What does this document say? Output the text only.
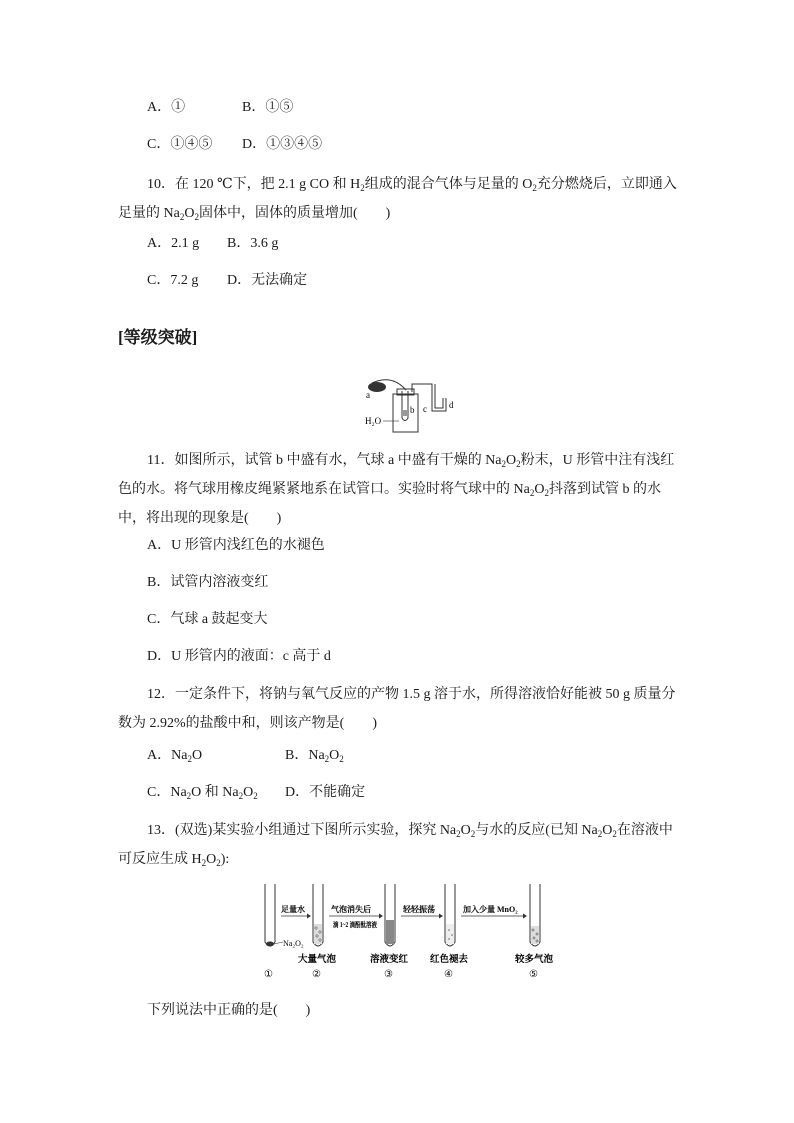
A．①	B．①⑤
C．①④⑤ D．①③④⑤
10．在 120 ℃下，把 2.1 g CO 和 $H_2$组成的混合气体与足量的 $O_2$充分燃烧后，立即通入足量的 $Na_2O_2$固体中，固体的质量增加(　　)
A．2.1 g B．3.6 g
C．7.2 g D．无法确定
[等级突破]
a
b c d
H₂O
11．如图所示，试管 b 中盛有水，气球 a 中盛有干燥的 $Na_2O_2$粉末，U 形管中注有浅红色的水。将气球用橡皮绳紧紧地系在试管口。实验时将气球中的 $Na_2O_2$抖落到试管 b 的水中，将出现的现象是(　　)
A．U 形管内浅红色的水褪色
B．试管内溶液变红
C．气球 a 鼓起变大
D．U 形管内的液面：c 高于 d
12．一定条件下，将钠与氧气反应的产物 1.5 g 溶于水，所得溶液恰好能被 50 g 质量分数为 2.92%的盐酸中和，则该产物是(　　)
A．$Na_2O$	B．$Na_2O_2$
C．$Na_2O$ 和 $Na_2O_2$ D．不能确定
13．(双选)某实验小组通过下图所示实验，探究 $Na_2O_2$与水的反应(已知 $Na_2O_2$在溶液中可反应生成 $H_2O_2$):
Na₂O₂
足量水	气泡消失后
滴 1~2 滴酚酞溶液
轻轻振荡	加入少量 MnO₂
大量气泡	溶液变红 红色褪去	较多气泡
①	②	③	④	⑤
下列说法中正确的是(　　)
